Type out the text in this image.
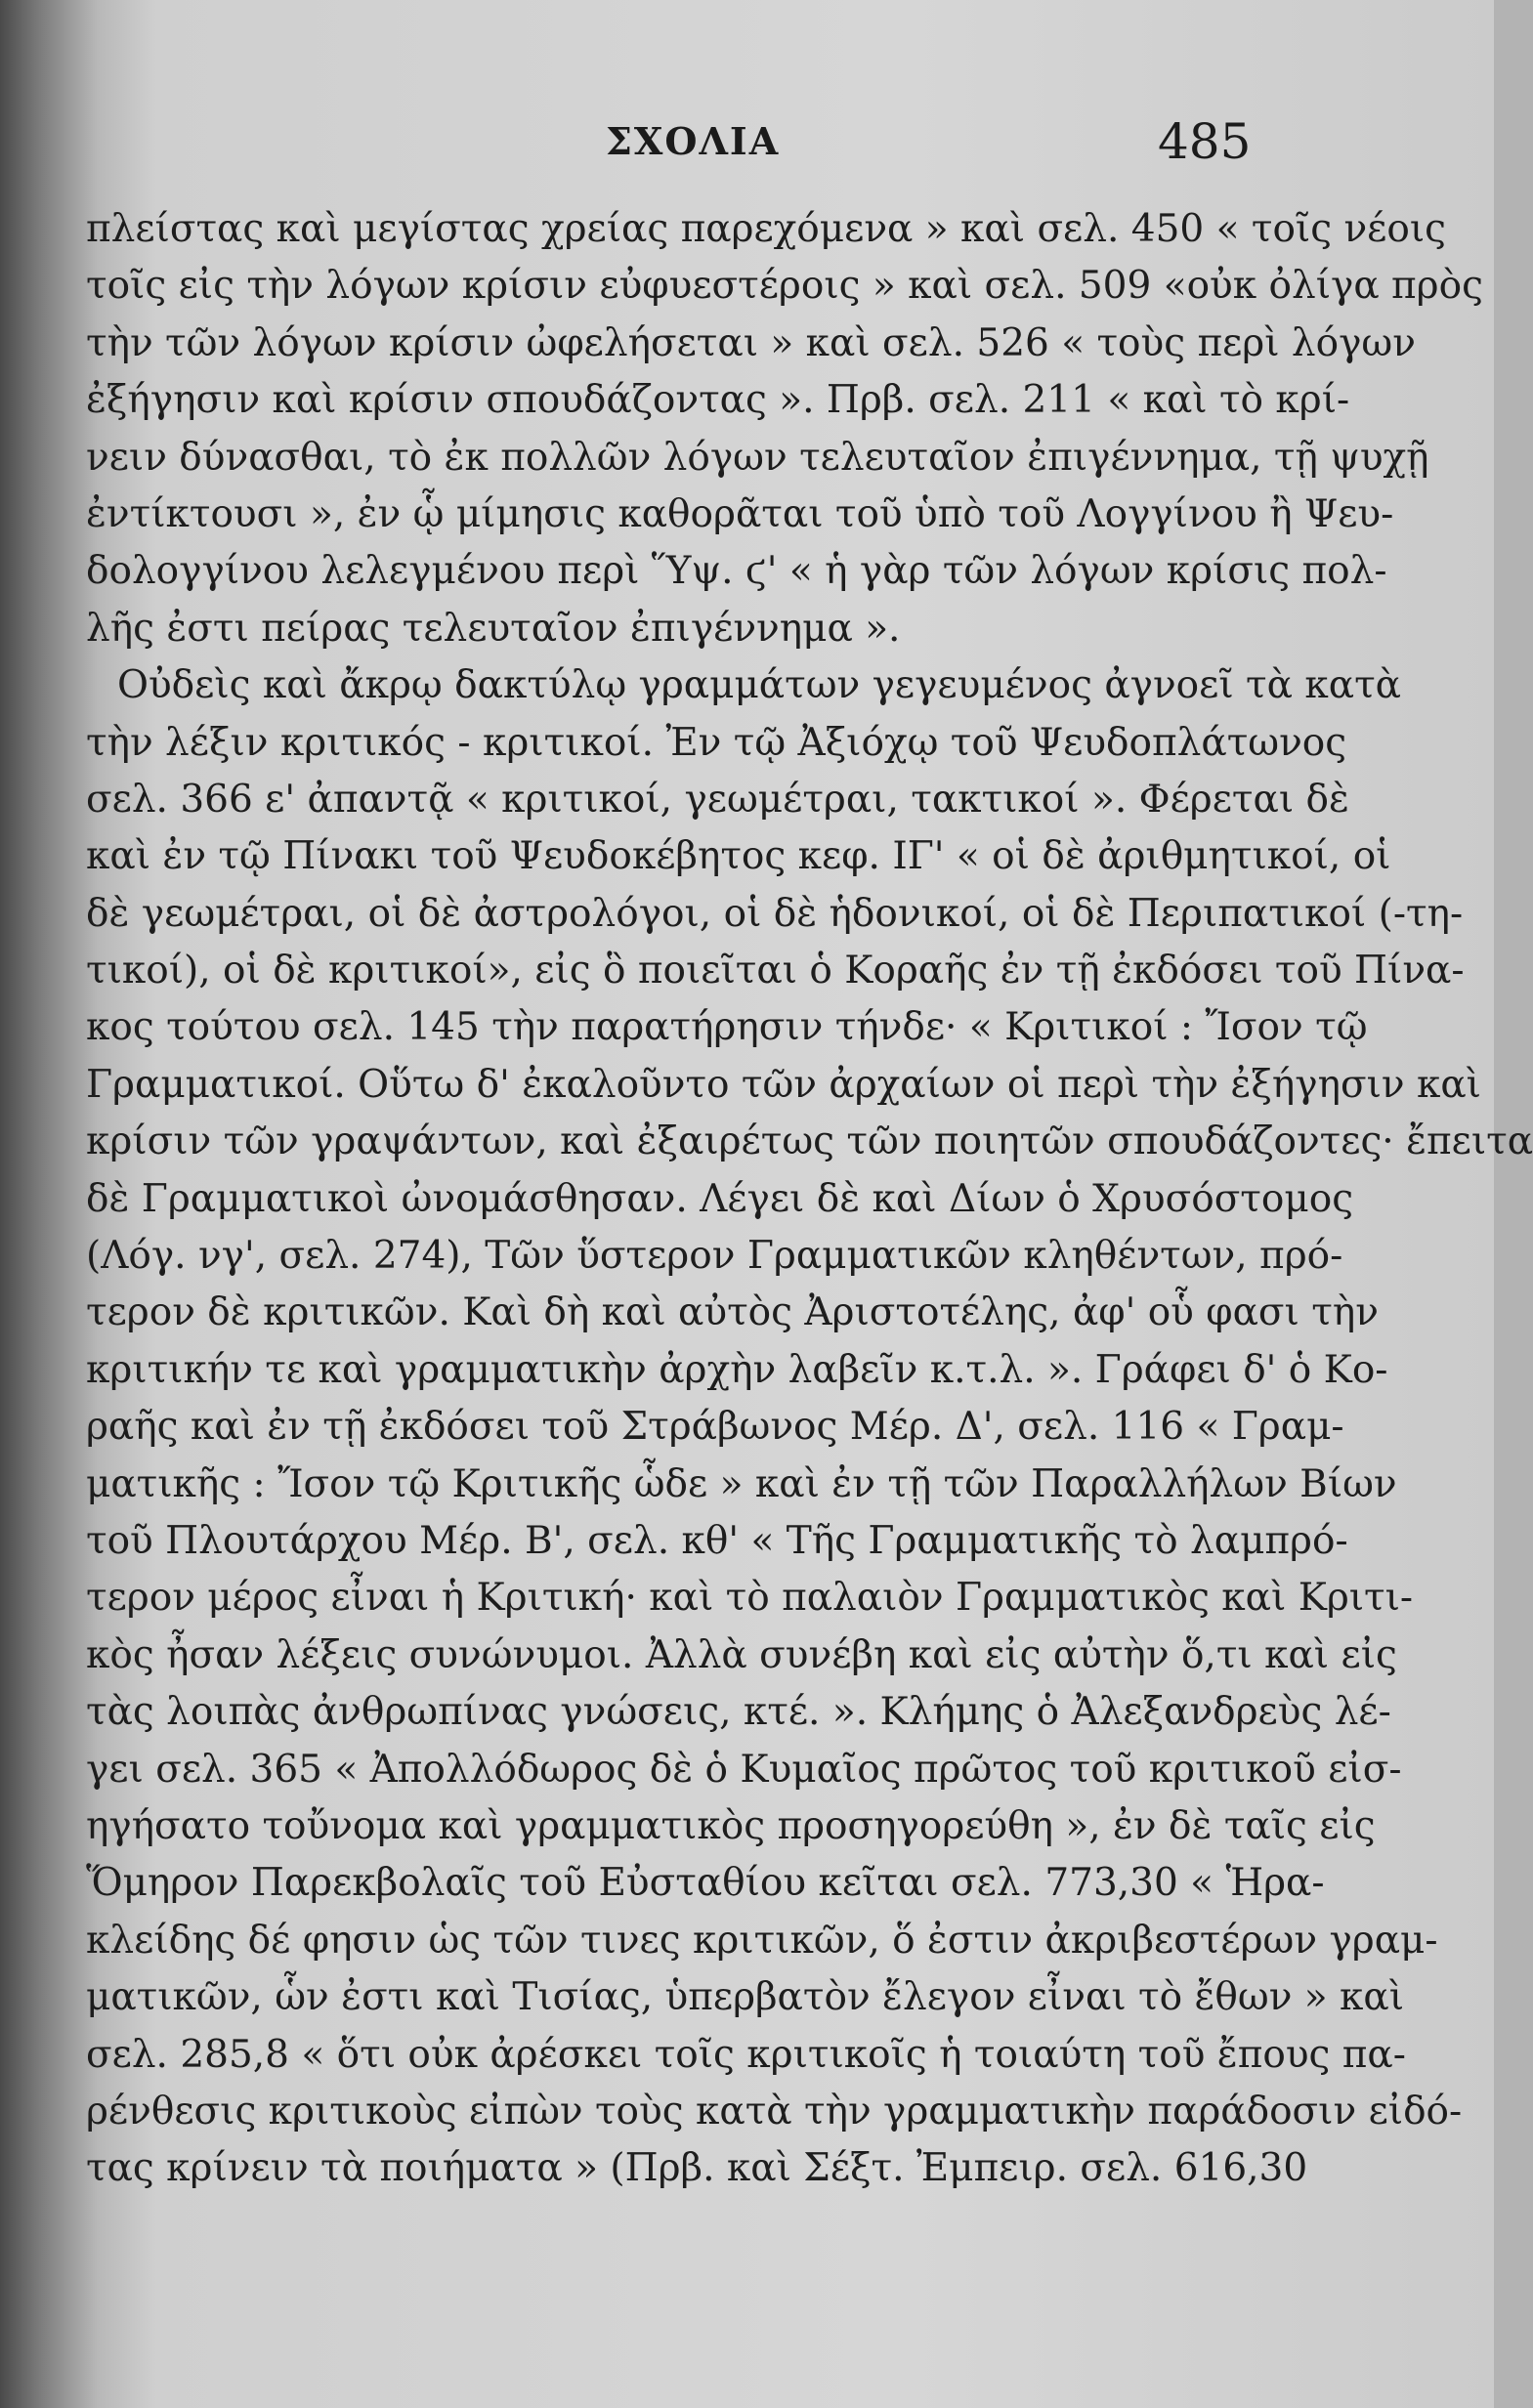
ΣΧΟΛΙΑ	485
πλείστας καὶ μεγίστας χρείας παρεχόμενα » καὶ σελ. 450 « τοῖς νέοις
τοῖς εἰς τὴν λόγων κρίσιν εὐφυεστέροις » καὶ σελ. 509 «οὐκ ὀλίγα πρὸς
τὴν τῶν λόγων κρίσιν ὠφελήσεται » καὶ σελ. 526 « τοὺς περὶ λόγων
ἐξήγησιν καὶ κρίσιν σπουδάζοντας ». Πρβ. σελ. 211 « καὶ τὸ κρί-
νειν δύνασθαι, τὸ ἐκ πολλῶν λόγων τελευταῖον ἐπιγέννημα, τῇ ψυχῇ
ἐντίκτουσι », ἐν ᾧ μίμησις καθορᾶται τοῦ ὑπὸ τοῦ Λογγίνου ἢ Ψευ-
δολογγίνου λελεγμένου περὶ Ὕψ. ϛ' « ἡ γὰρ τῶν λόγων κρίσις πολ-
λῆς ἐστι πείρας τελευταῖον ἐπιγέννημα ».
Οὐδεὶς καὶ ἄκρῳ δακτύλῳ γραμμάτων γεγευμένος ἀγνοεῖ τὰ κατὰ
τὴν λέξιν κριτικός - κριτικοί. Ἐν τῷ Ἀξιόχῳ τοῦ Ψευδοπλάτωνος
σελ. 366 ε' ἀπαντᾷ « κριτικοί, γεωμέτραι, τακτικοί ». Φέρεται δὲ
καὶ ἐν τῷ Πίνακι τοῦ Ψευδοκέβητος κεφ. ΙΓ' « οἱ δὲ ἀριθμητικοί, οἱ
δὲ γεωμέτραι, οἱ δὲ ἀστρολόγοι, οἱ δὲ ἡδονικοί, οἱ δὲ Περιπατικοί (-τη-
τικοί), οἱ δὲ κριτικοί», εἰς ὃ ποιεῖται ὁ Κοραῆς ἐν τῇ ἐκδόσει τοῦ Πίνα-
κος τούτου σελ. 145 τὴν παρατήρησιν τήνδε· « Κριτικοί : Ἴσον τῷ
Γραμματικοί. Οὕτω δ' ἐκαλοῦντο τῶν ἀρχαίων οἱ περὶ τὴν ἐξήγησιν καὶ
κρίσιν τῶν γραψάντων, καὶ ἐξαιρέτως τῶν ποιητῶν σπουδάζοντες· ἔπειτα
δὲ Γραμματικοὶ ὠνομάσθησαν. Λέγει δὲ καὶ Δίων ὁ Χρυσόστομος
(Λόγ. νγ', σελ. 274), Τῶν ὕστερον Γραμματικῶν κληθέντων, πρό-
τερον δὲ κριτικῶν. Καὶ δὴ καὶ αὐτὸς Ἀριστοτέλης, ἀφ' οὗ φασι τὴν
κριτικήν τε καὶ γραμματικὴν ἀρχὴν λαβεῖν κ.τ.λ. ». Γράφει δ' ὁ Κο-
ραῆς καὶ ἐν τῇ ἐκδόσει τοῦ Στράβωνος Μέρ. Δ', σελ. 116 « Γραμ-
ματικῆς : Ἴσον τῷ Κριτικῆς ὧδε » καὶ ἐν τῇ τῶν Παραλλήλων Βίων
τοῦ Πλουτάρχου Μέρ. Β', σελ. κθ' « Τῆς Γραμματικῆς τὸ λαμπρό-
τερον μέρος εἶναι ἡ Κριτική· καὶ τὸ παλαιὸν Γραμματικὸς καὶ Κριτι-
κὸς ἦσαν λέξεις συνώνυμοι. Ἀλλὰ συνέβη καὶ εἰς αὐτὴν ὅ,τι καὶ εἰς
τὰς λοιπὰς ἀνθρωπίνας γνώσεις, κτέ. ». Κλήμης ὁ Ἀλεξανδρεὺς λέ-
γει σελ. 365 « Ἀπολλόδωρος δὲ ὁ Κυμαῖος πρῶτος τοῦ κριτικοῦ εἰσ-
ηγήσατο τοὔνομα καὶ γραμματικὸς προσηγορεύθη », ἐν δὲ ταῖς εἰς
Ὅμηρον Παρεκβολαῖς τοῦ Εὐσταθίου κεῖται σελ. 773,30 « Ἡρα-
κλείδης δέ φησιν ὡς τῶν τινες κριτικῶν, ὅ ἐστιν ἀκριβεστέρων γραμ-
ματικῶν, ὧν ἐστι καὶ Τισίας, ὑπερβατὸν ἔλεγον εἶναι τὸ ἔθων » καὶ
σελ. 285,8 « ὅτι οὐκ ἀρέσκει τοῖς κριτικοῖς ἡ τοιαύτη τοῦ ἔπους πα-
ρένθεσις κριτικοὺς εἰπὼν τοὺς κατὰ τὴν γραμματικὴν παράδοσιν εἰδό-
τας κρίνειν τὰ ποιήματα » (Πρβ. καὶ Σέξτ. Ἐμπειρ. σελ. 616,30
